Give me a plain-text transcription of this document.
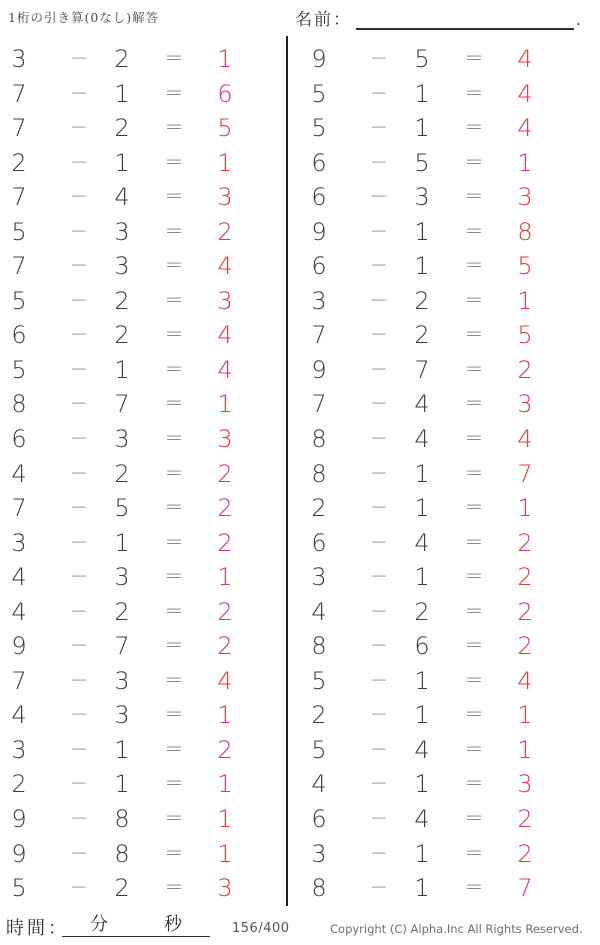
1桁の引き算(0なし)解答	名前：	.
3	−	2	=	1
7	−	1	=	6
7	−	2	=	5
2	−	1	=	1
7	−	4	=	3
5	−	3	=	2
7	−	3	=	4
5	−	2	=	3
6	−	2	=	4
5	−	1	=	4
8	−	7	=	1
6	−	3	=	3
4	−	2	=	2
7	−	5	=	2
3	−	1	=	2
4	−	3	=	1
4	−	2	=	2
9	−	7	=	2
7	−	3	=	4
4	−	3	=	1
3	−	1	=	2
2	−	1	=	1
9	−	8	=	1
9	−	8	=	1
5	−	2	=	3
9	−	5	=	4
5	−	1	=	4
5	−	1	=	4
6	−	5	=	1
6	−	3	=	3
9	−	1	=	8
6	−	1	=	5
3	−	2	=	1
7	−	2	=	5
9	−	7	=	2
7	−	4	=	3
8	−	4	=	4
8	−	1	=	7
2	−	1	=	1
6	−	4	=	2
3	−	1	=	2
4	−	2	=	2
8	−	6	=	2
5	−	1	=	4
2	−	1	=	1
5	−	4	=	1
4	−	1	=	3
6	−	4	=	2
3	−	1	=	2
8	−	1	=	7
時間： 分	秒	156/400	Copyright (C) Alpha.Inc All Rights Reserved.
